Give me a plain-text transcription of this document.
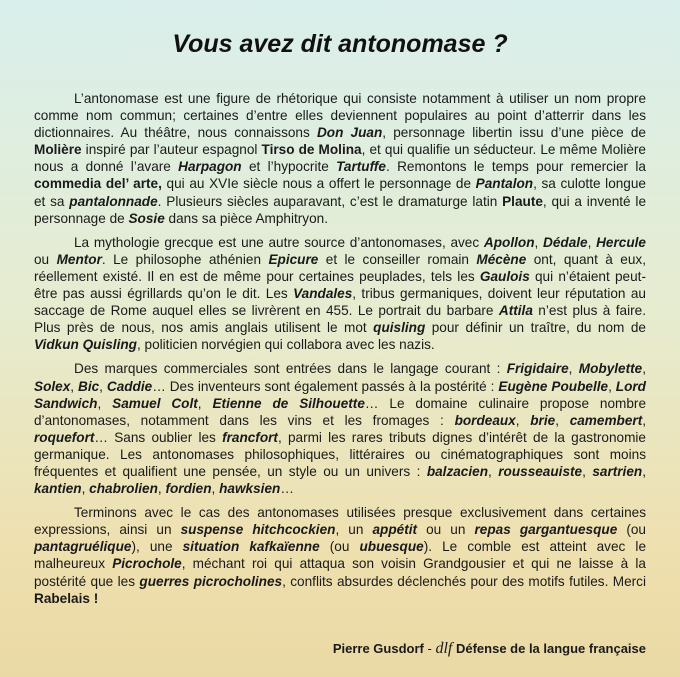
Vous avez dit antonomase ?

L’antonomase est une figure de rhétorique qui consiste notamment à utiliser un nom propre comme nom commun; certaines d’entre elles deviennent populaires au point d’atterrir dans les dictionnaires. Au théâtre, nous connaissons Don Juan, personnage libertin issu d’une pièce de Molière inspiré par l’auteur espagnol Tirso de Molina, et qui qualifie un séducteur. Le même Molière nous a donné l’avare Harpagon et l’hypocrite Tartuffe. Remontons le temps pour remercier la commedia del’ arte, qui au XVIe siècle nous a offert le personnage de Pantalon, sa culotte longue et sa pantalonnade. Plusieurs siècles auparavant, c’est le dramaturge latin Plaute, qui a inventé le personnage de Sosie dans sa pièce Amphitryon.

La mythologie grecque est une autre source d’antonomases, avec Apollon, Dédale, Hercule ou Mentor. Le philosophe athénien Epicure et le conseiller romain Mécène ont, quant à eux, réellement existé. Il en est de même pour certaines peuplades, tels les Gaulois qui n’étaient peut-être pas aussi égrillards qu’on le dit. Les Vandales, tribus germaniques, doivent leur réputation au saccage de Rome auquel elles se livrèrent en 455. Le portrait du barbare Attila n’est plus à faire. Plus près de nous, nos amis anglais utilisent le mot quisling pour définir un traître, du nom de Vidkun Quisling, politicien norvégien qui collabora avec les nazis.

Des marques commerciales sont entrées dans le langage courant : Frigidaire, Mobylette, Solex, Bic, Caddie… Des inventeurs sont également passés à la postérité : Eugène Poubelle, Lord Sandwich, Samuel Colt, Etienne de Silhouette… Le domaine culinaire propose nombre d’antonomases, notamment dans les vins et les fromages : bordeaux, brie, camembert, roquefort… Sans oublier les francfort, parmi les rares tributs dignes d’intérêt de la gastronomie germanique. Les antonomases philosophiques, littéraires ou cinématographiques sont moins fréquentes et qualifient une pensée, un style ou un univers : balzacien, rousseauiste, sartrien, kantien, chabrolien, fordien, hawksien…

Terminons avec le cas des antonomases utilisées presque exclusivement dans certaines expressions, ainsi un suspense hitchcockien, un appétit ou un repas gargantuesque (ou pantagruélique), une situation kafkaïenne (ou ubuesque). Le comble est atteint avec le malheureux Picrochole, méchant roi qui attaqua son voisin Grandgousier et qui ne laisse à la postérité que les guerres picrocholines, conflits absurdes déclenchés pour des motifs futiles. Merci Rabelais !

Pierre Gusdorf - dlf Défense de la langue française
